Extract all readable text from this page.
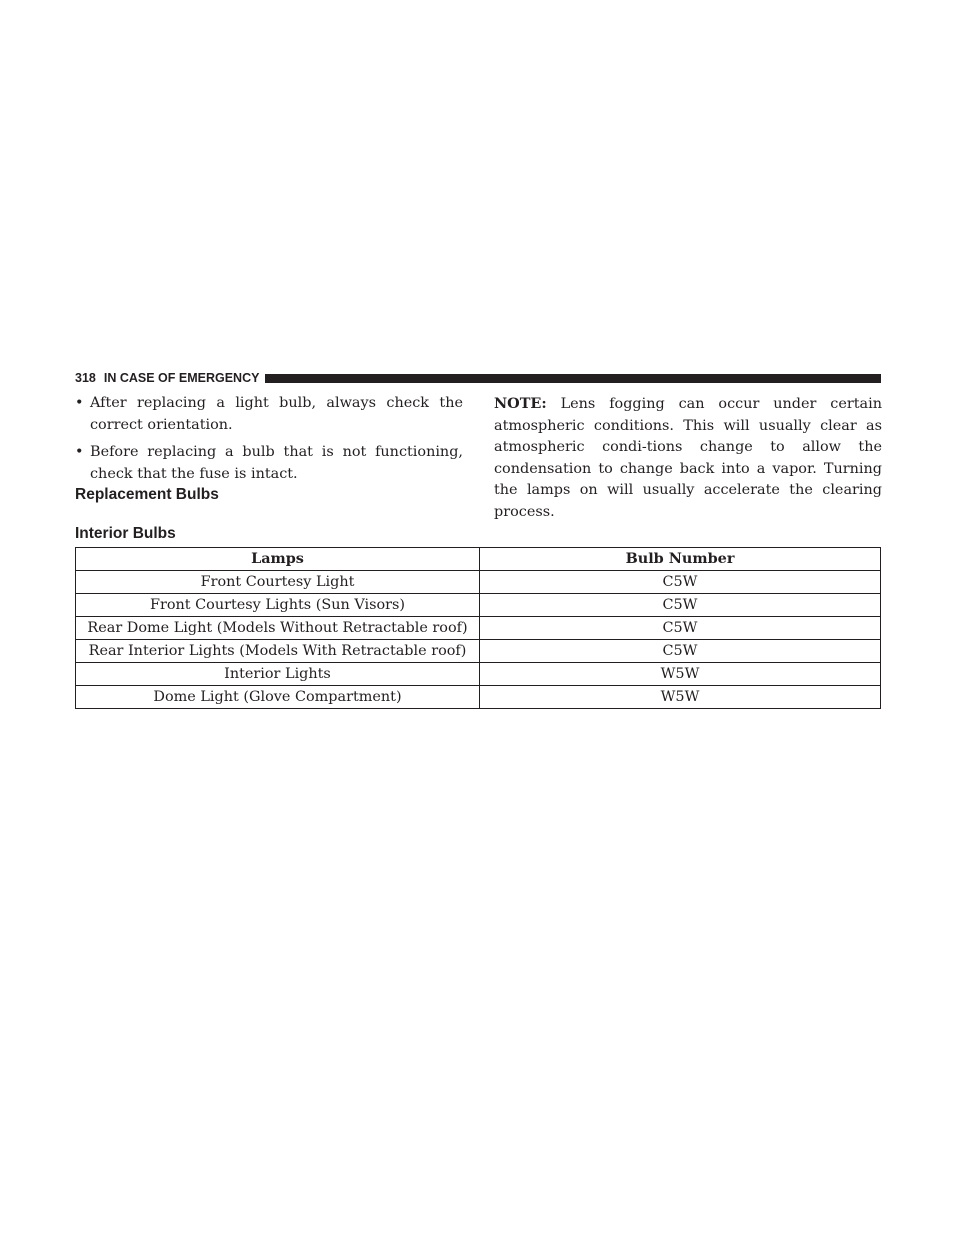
318 IN CASE OF EMERGENCY
• After replacing a light bulb, always check the correct orientation.
• Before replacing a bulb that is not functioning, check that the fuse is intact.

NOTE: Lens fogging can occur under certain atmospheric conditions. This will usually clear as atmospheric condi-tions change to allow the condensation to change back into a vapor. Turning the lamps on will usually accelerate the clearing process.

Replacement Bulbs
Interior Bulbs
Lamps	Bulb Number
Front Courtesy Light	C5W
Front Courtesy Lights (Sun Visors)	C5W
Rear Dome Light (Models Without Retractable roof)	C5W
Rear Interior Lights (Models With Retractable roof)	C5W
Interior Lights	W5W
Dome Light (Glove Compartment)	W5W
